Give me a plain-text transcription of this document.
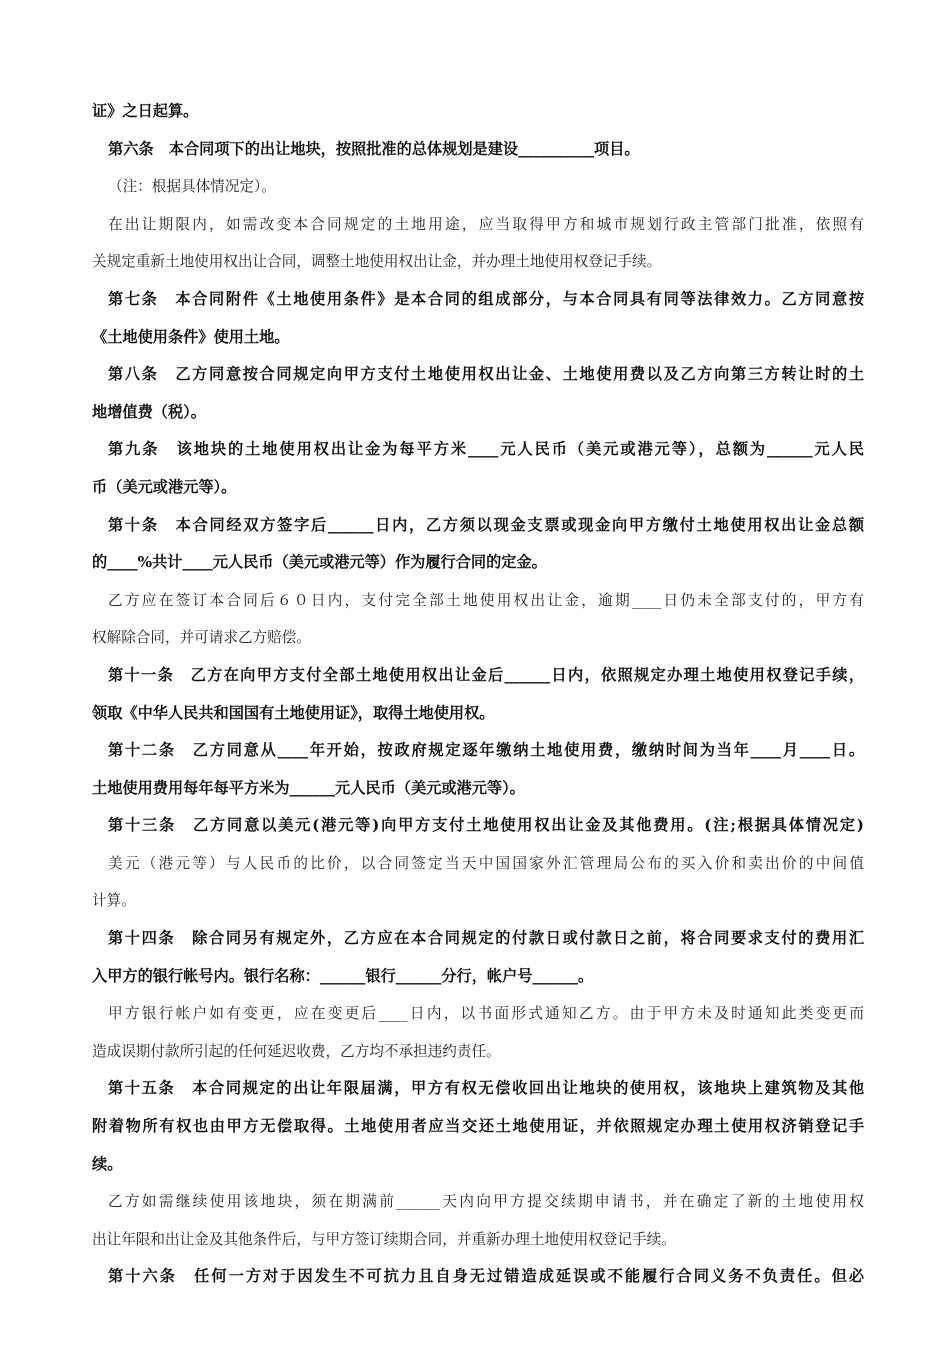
证》之日起算。
第六条　本合同项下的出让地块，按照批准的总体规划是建设__________项目。
（注：根据具体情况定）。
在出让期限内，如需改变本合同规定的土地用途，应当取得甲方和城市规划行政主管部门批准，依照有
关规定重新土地使用权出让合同，调整土地使用权出让金，并办理土地使用权登记手续。
第七条　本合同附件《土地使用条件》是本合同的组成部分，与本合同具有同等法律效力。乙方同意按
《土地使用条件》使用土地。
第八条　乙方同意按合同规定向甲方支付土地使用权出让金、土地使用费以及乙方向第三方转让时的土
地增值费（税）。
第九条　该地块的土地使用权出让金为每平方米____元人民币（美元或港元等），总额为______元人民
币（美元或港元等）。
第十条　本合同经双方签字后______日内，乙方须以现金支票或现金向甲方缴付土地使用权出让金总额
的____%共计____元人民币（美元或港元等）作为履行合同的定金。
乙方应在签订本合同后６０日内，支付完全部土地使用权出让金，逾期____日仍未全部支付的，甲方有
权解除合同，并可请求乙方赔偿。
第十一条　乙方在向甲方支付全部土地使用权出让金后______日内，依照规定办理土地使用权登记手续，
领取《中华人民共和国国有土地使用证》，取得土地使用权。
第十二条　乙方同意从____年开始，按政府规定逐年缴纳土地使用费，缴纳时间为当年____月____日。
土地使用费用每年每平方米为______元人民币（美元或港元等）。
第十三条　乙方同意以美元(港元等)向甲方支付土地使用权出让金及其他费用。(注;根据具体情况定)
美元（港元等）与人民币的比价，以合同签定当天中国国家外汇管理局公布的买入价和卖出价的中间值
计算。
第十四条　除合同另有规定外，乙方应在本合同规定的付款日或付款日之前，将合同要求支付的费用汇
入甲方的银行帐号内。银行名称：______银行______分行，帐户号______。
甲方银行帐户如有变更，应在变更后____日内，以书面形式通知乙方。由于甲方未及时通知此类变更而
造成误期付款所引起的任何延迟收费，乙方均不承担违约责任。
第十五条　本合同规定的出让年限届满，甲方有权无偿收回出让地块的使用权，该地块上建筑物及其他
附着物所有权也由甲方无偿取得。土地使用者应当交还土地使用证，并依照规定办理土使用权济销登记手
续。
乙方如需继续使用该地块，须在期满前______天内向甲方提交续期申请书，并在确定了新的土地使用权
出让年限和出让金及其他条件后，与甲方签订续期合同，并重新办理土地使用权登记手续。
第十六条　任何一方对于因发生不可抗力且自身无过错造成延误或不能履行合同义务不负责任。但必
